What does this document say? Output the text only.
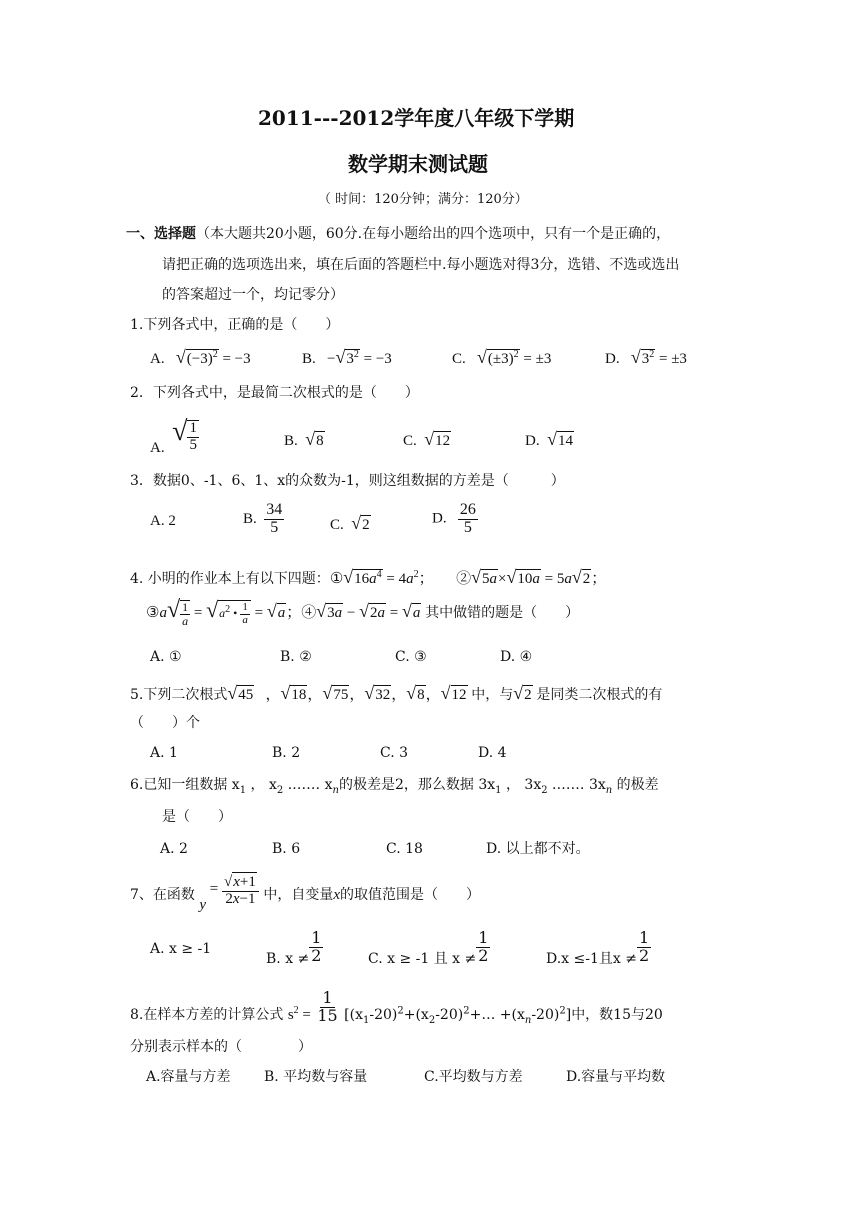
2011---2012学年度八年级下学期
数学期末测试题
（ 时间：120分钟；满分：120分）
一、选择题（本大题共20小题，60分.在每小题给出的四个选项中，只有一个是正确的，
请把正确的选项选出来，填在后面的答题栏中.每小题选对得3分，选错、不选或选出
的答案超过一个，均记零分）
1.下列各式中，正确的是（　　）
A. $√(-3)^2 = -3$	B.   $-√3^2 = -3$	C. $√(\pm 3)^2 = \pm 3$	D. $√3^2 = \pm 3$
2．下列各式中，是最简二次根式的是（　　）
A.  √ $\frac{1}{5}$	B. √8	C. √12	D. √14
3．数据0、-1、6、1、x的众数为-1，则这组数据的方差是（　　　）
A. 2	B. $\frac{34}{5}$	C. √2	D. $\frac{26}{5}$
4. 小明的作业本上有以下四题：$①√16a^4 = 4a^2$；      ②√5a×√10a = 5a√2；
③a√ $\frac{1}{a} = √a^2$ • $\frac{1}{a} = √a$；④√3a − √2a = √a 其中做错的题是（　　）
A. ①	B. ②	C. ③	D. ④
5.下列二次根式√45   ，√18，√75，√32，√8，√12 中，与√2 是同类二次根式的有
（　　）个
A. 1	B. 2	C. 3	D. 4
6.已知一组数据 $x_1$ ， $x_2$ .…… $x_n$的极差是2，那么数据 $3x_1$ ， $3x_2$ .…… $3x_n$ 的极差
是（　　）
A. 2	B. 6	C. 18	D. 以上都不对。
7、在函数 $y = \frac{√x+1}{2x-1}$ 中，自变量x的取值范围是（　　）
A. x ≥ -1
B. $x \ne \frac{1}{2}$	C. x ≥ -1 且 $x \ne \frac{1}{2}$	D.x ≤-1且$x \ne \frac{1}{2}$
8.在样本方差的计算公式 $s^2 = \frac{1}{15}$ $[(x_1-20)^2+(x_2-20)^2+\dots +(x_n-20)^2]$中，数15与20
分别表示样本的（　　　　）
A.容量与方差 B. 平均数与容量	C.平均数与方差	D.容量与平均数
